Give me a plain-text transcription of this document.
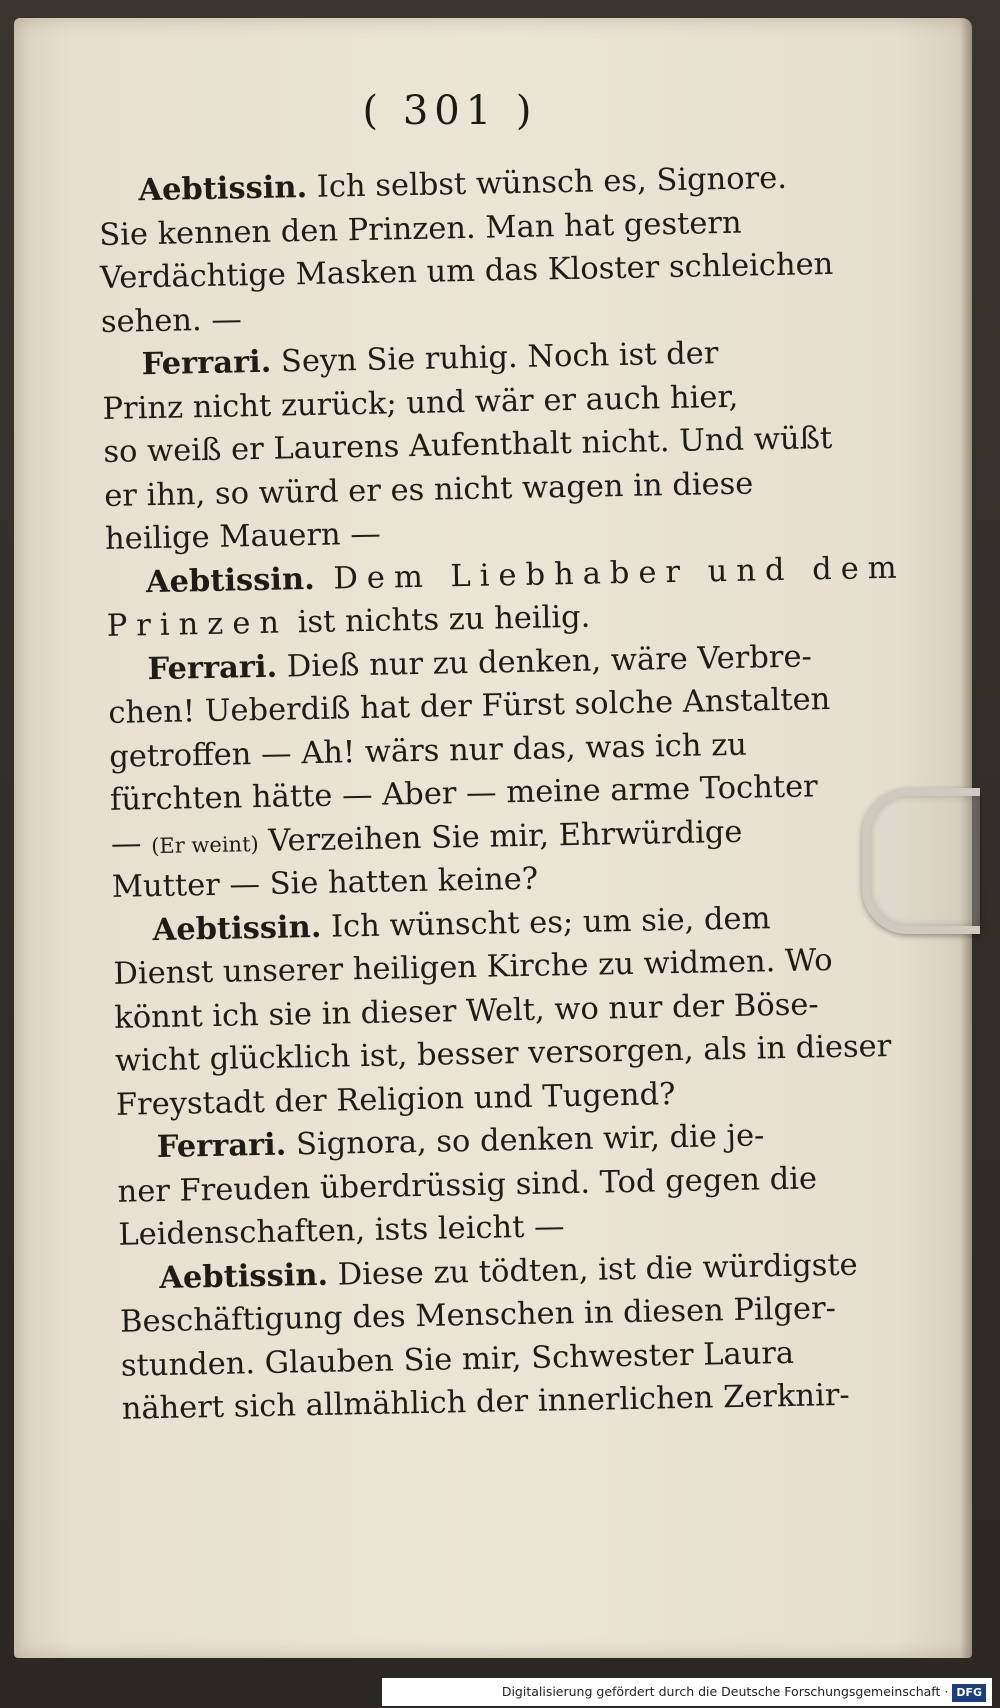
( 301 )
Aebtissin. Ich selbst wünsch es, Signore.
Sie kennen den Prinzen. Man hat gestern
Verdächtige Masken um das Kloster schleichen
sehen. —
Ferrari. Seyn Sie ruhig. Noch ist der
Prinz nicht zurück; und wär er auch hier,
so weiß er Laurens Aufenthalt nicht. Und wüßt
er ihn, so würd er es nicht wagen in diese
heilige Mauern —
Aebtissin. Dem Liebhaber und dem
Prinzen ist nichts zu heilig.
Ferrari. Dieß nur zu denken, wäre Verbre-
chen! Ueberdiß hat der Fürst solche Anstalten
getroffen — Ah! wärs nur das, was ich zu
fürchten hätte — Aber — meine arme Tochter
— (Er weint) Verzeihen Sie mir, Ehrwürdige
Mutter — Sie hatten keine?
Aebtissin. Ich wünscht es; um sie, dem
Dienst unserer heiligen Kirche zu widmen. Wo
könnt ich sie in dieser Welt, wo nur der Böse-
wicht glücklich ist, besser versorgen, als in dieser
Freystadt der Religion und Tugend?
Ferrari. Signora, so denken wir, die je-
ner Freuden überdrüssig sind. Tod gegen die
Leidenschaften, ists leicht —
Aebtissin. Diese zu tödten, ist die würdigste
Beschäftigung des Menschen in diesen Pilger-
stunden. Glauben Sie mir, Schwester Laura
nähert sich allmählich der innerlichen Zerknir-
Digitalisierung gefördert durch die Deutsche Forschungsgemeinschaft · DFG
